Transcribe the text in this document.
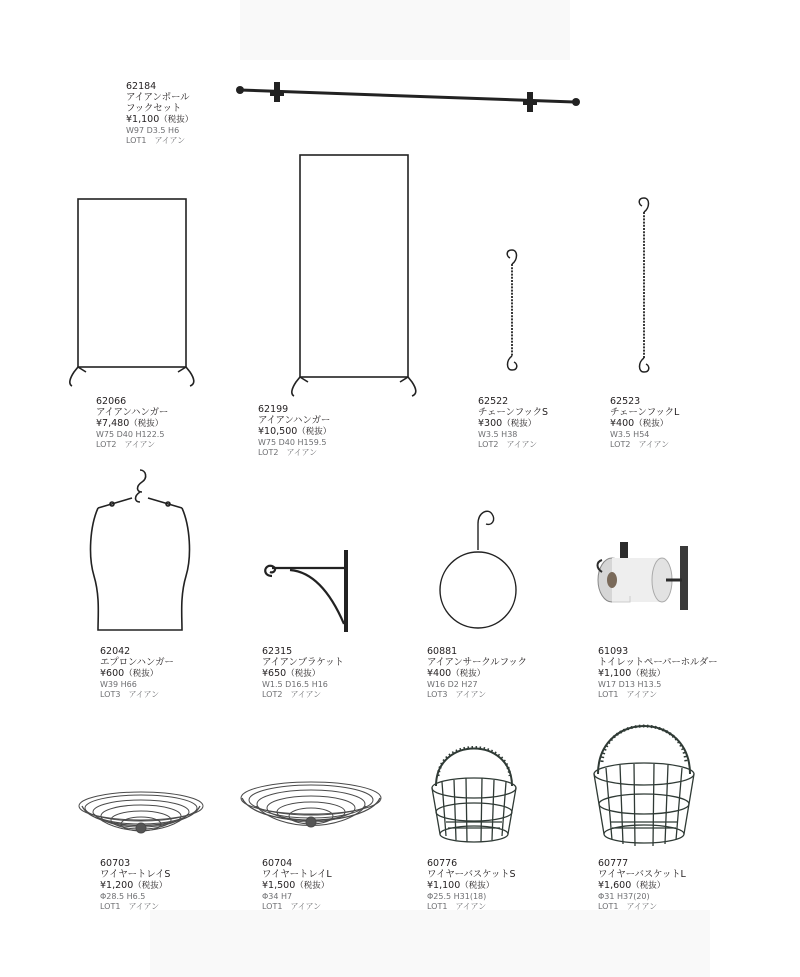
62184
アイアンポール
フックセット
¥1,100（税抜）
W97 D3.5 H6
LOT1　アイアン
62066
アイアンハンガー
¥7,480（税抜）
W75 D40 H122.5
LOT2　アイアン
62199
アイアンハンガー
¥10,500（税抜）
W75 D40 H159.5
LOT2　アイアン
62522
チェーンフックS
¥300（税抜）
W3.5 H38
LOT2　アイアン
62523
チェーンフックL
¥400（税抜）
W3.5 H54
LOT2　アイアン
62042
エプロンハンガー
¥600（税抜）
W39 H66
LOT3　アイアン
62315
アイアンブラケット
¥650（税抜）
W1.5 D16.5 H16
LOT2　アイアン
60881
アイアンサークルフック
¥400（税抜）
W16 D2 H27
LOT3　アイアン
61093
トイレットペーパーホルダー
¥1,100（税抜）
W17 D13 H13.5
LOT1　アイアン
60703
ワイヤートレイS
¥1,200（税抜）
Φ28.5 H6.5
LOT1　アイアン
60704
ワイヤートレイL
¥1,500（税抜）
Φ34 H7
LOT1　アイアン
60776
ワイヤーバスケットS
¥1,100（税抜）
Φ25.5 H31(18)
LOT1　アイアン
60777
ワイヤーバスケットL
¥1,600（税抜）
Φ31 H37(20)
LOT1　アイアン
